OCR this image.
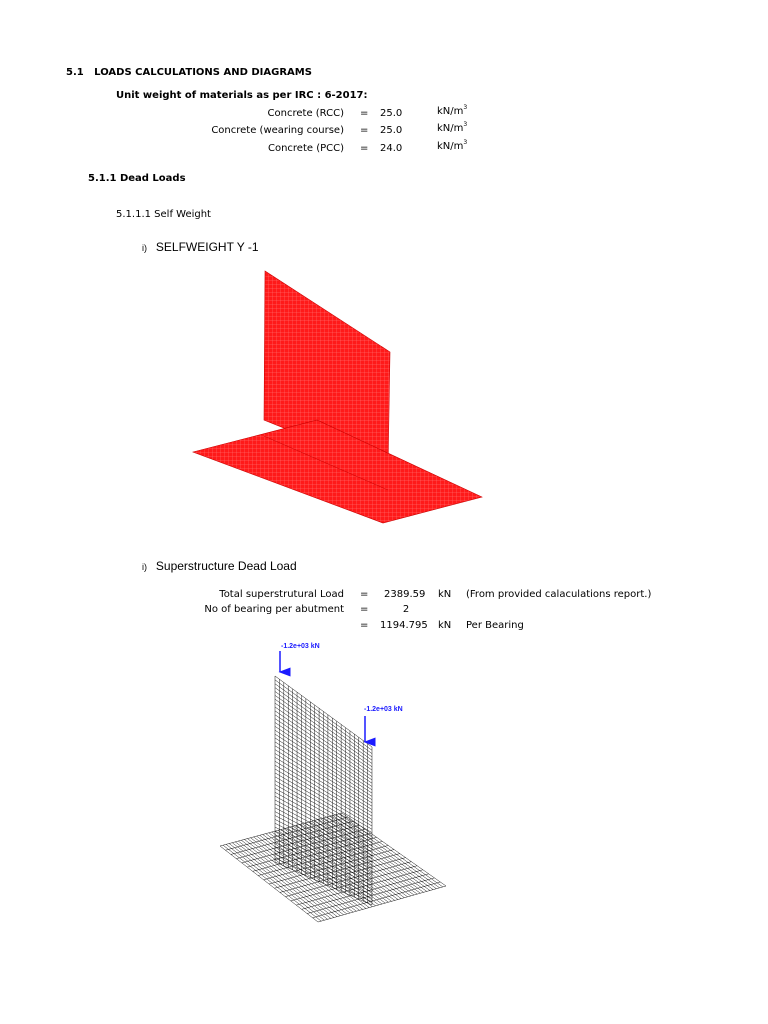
5.1 LOADS CALCULATIONS AND DIAGRAMS
Unit weight of materials as per IRC : 6-2017:
Concrete (RCC) = 25.0	$kN/m^3$
Concrete (wearing course) = 25.0	$kN/m^3$
Concrete (PCC) = 24.0	$kN/m^3$
5.1.1 Dead Loads
5.1.1.1 Self Weight
i) SELFWEIGHT Y -1
i) Superstructure Dead Load
Total superstrutural Load = 2389.59 kN (From provided calaculations report.)
No of bearing per abutment =	2
= 1194.795 kN Per Bearing
-1.2e+03 kN
-1.2e+03 kN
